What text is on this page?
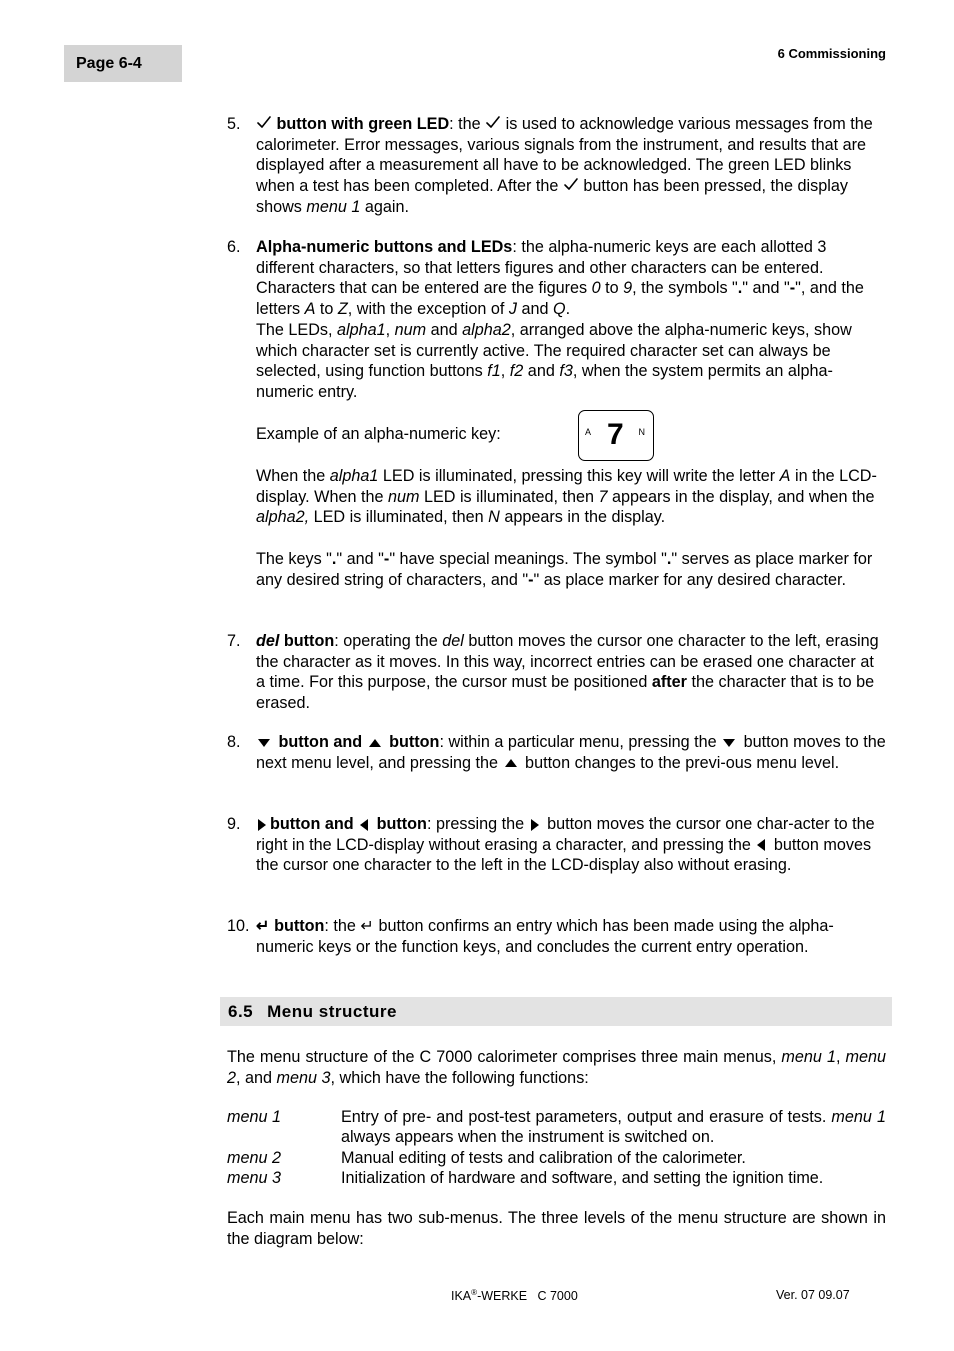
Page 6-4
6 Commissioning
5.	button with green LED: the  is used to acknowledge various messages from the calorimeter. Error messages, various signals from the instrument, and results that are displayed after a measurement all have to be acknowledged. The green LED blinks when a test has been completed. After the  button has been pressed, the display shows menu 1 again.

6. Alpha-numeric buttons and LEDs: the alpha-numeric keys are each allotted 3 different characters, so that letters figures and other characters can be entered. Characters that can be entered are the figures 0 to 9, the symbols "." and "-", and the letters A to Z, with the exception of J and Q.

The LEDs, alpha1, num and alpha2, arranged above the alpha-numeric keys, show which character set is currently active. The required character set can always be selected, using function buttons f1, f2 and f3, when the system permits an alpha-numeric entry.

Example of an alpha-numeric key:	A 7 N

When the alpha1 LED is illuminated, pressing this key will write the letter A in the LCD-display. When the num LED is illuminated, then 7 appears in the display, and when the alpha2, LED is illuminated, then N appears in the display.

The keys "." and "-" have special meanings. The symbol "." serves as place marker for any desired string of characters, and "-" as place marker for any desired character.

7. del button: operating the del button moves the cursor one character to the left, erasing the character as it moves. In this way, incorrect entries can be erased one character at a time. For this purpose, the cursor must be positioned after the character that is to be erased.

8.	button and  button: within a particular menu, pressing the  button moves to the next menu level, and pressing the  button changes to the previ-ous menu level.

9.	button and  button: pressing the  button moves the cursor one char-acter to the right in the LCD-display without erasing a character, and pressing the  button moves the cursor one character to the left in the LCD-display also without erasing.

10. ↵ button: the ↵ button confirms an entry which has been made using the alpha-numeric keys or the function keys, and concludes the current entry operation.

6.5 Menu structure
The menu structure of the C 7000 calorimeter comprises three main menus, menu 1, menu 2, and menu 3, which have the following functions:
menu 1	Entry of pre- and post-test parameters, output and erasure of tests. menu 1 always appears when the instrument is switched on.
menu 2	Manual editing of tests and calibration of the calorimeter.
menu 3	Initialization of hardware and software, and setting the ignition time.
Each main menu has two sub-menus. The three levels of the menu structure are shown in the diagram below:
IKA®-WERKE   C 7000	Ver. 07 09.07
